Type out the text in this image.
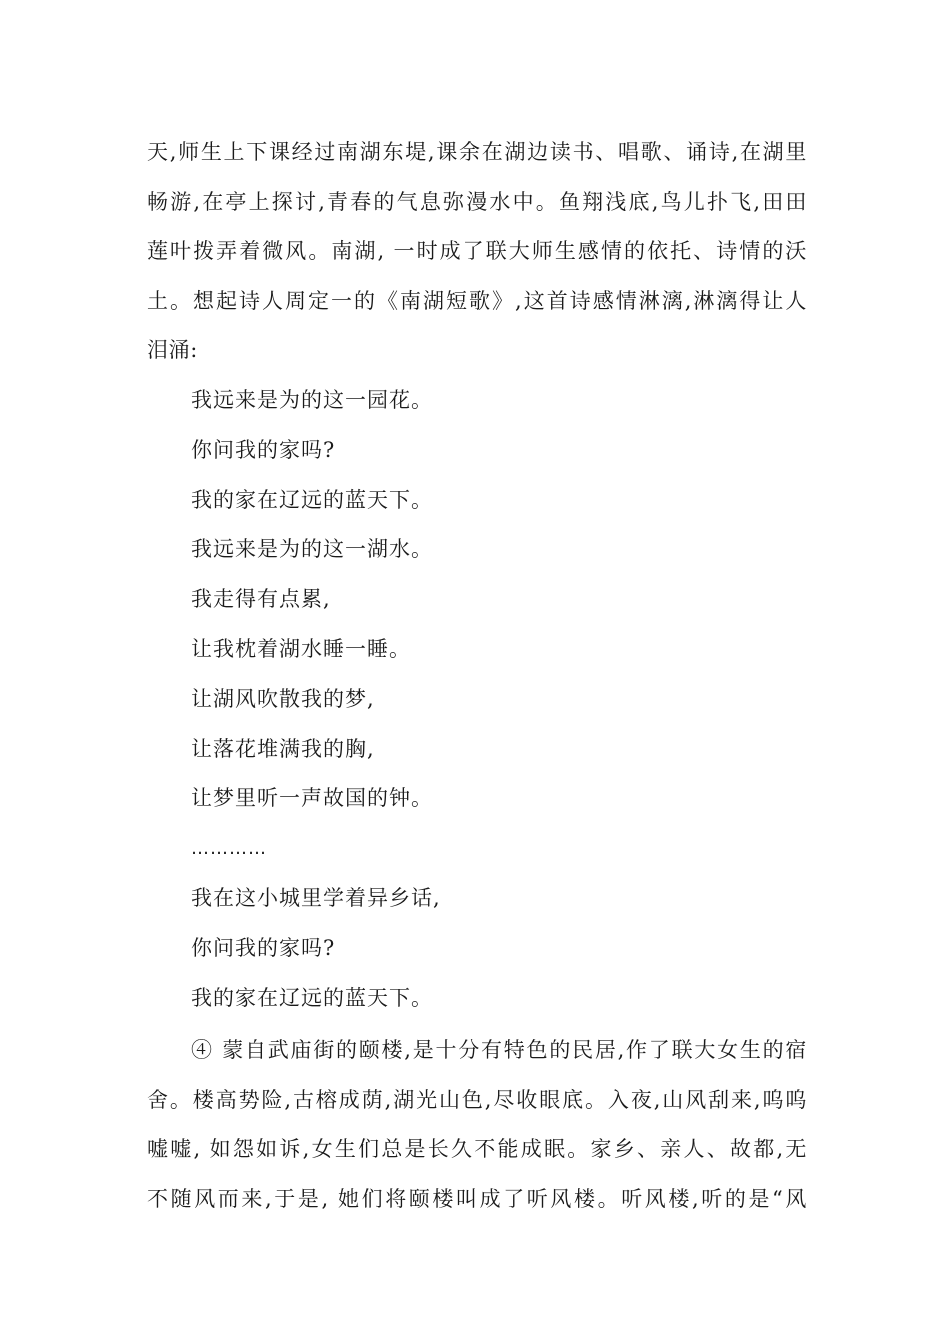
天,师生上下课经过南湖东堤,课余在湖边读书、唱歌、诵诗,在湖里
畅游,在亭上探讨,青春的气息弥漫水中。鱼翔浅底,鸟儿扑飞,田田
莲叶拨弄着微风。南湖, 一时成了联大师生感情的依托、诗情的沃
土。想起诗人周定一的《南湖短歌》,这首诗感情淋漓,淋漓得让人
泪涌:
我远来是为的这一园花。
你问我的家吗?
我的家在辽远的蓝天下。
我远来是为的这一湖水。
我走得有点累,
让我枕着湖水睡一睡。
让湖风吹散我的梦,
让落花堆满我的胸,
让梦里听一声故国的钟。
…………
我在这小城里学着异乡话,
你问我的家吗?
我的家在辽远的蓝天下。
④ 蒙自武庙街的颐楼,是十分有特色的民居,作了联大女生的宿
舍。楼高势险,古榕成荫,湖光山色,尽收眼底。入夜,山风刮来,呜呜
嘘嘘, 如怨如诉,女生们总是长久不能成眠。家乡、亲人、故都,无
不随风而来,于是, 她们将颐楼叫成了听风楼。听风楼,听的是“风
